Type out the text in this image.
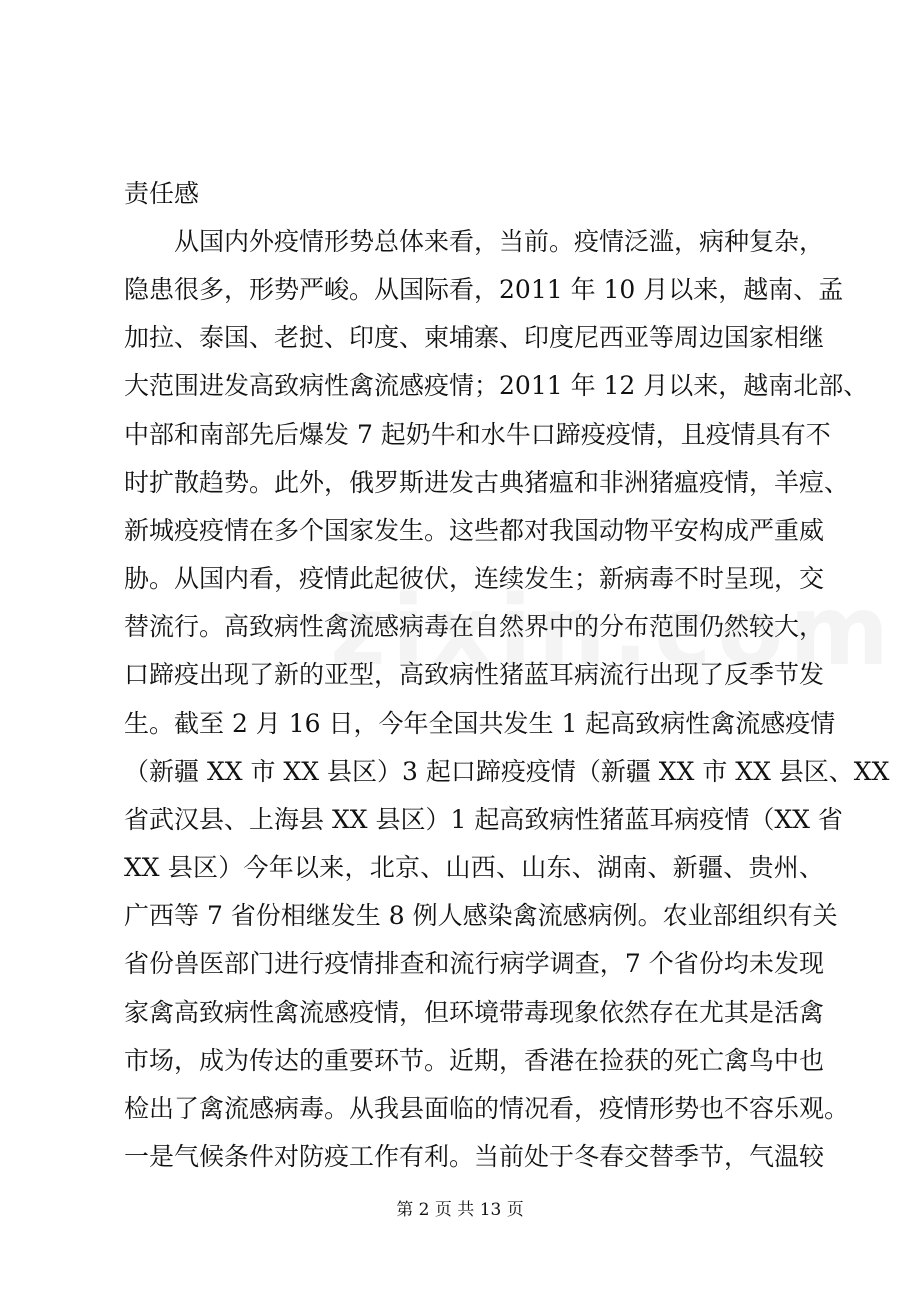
责任感
从国内外疫情形势总体来看，当前。疫情泛滥，病种复杂，
隐患很多，形势严峻。从国际看，2011 年 10 月以来，越南、孟
加拉、泰国、老挝、印度、柬埔寨、印度尼西亚等周边国家相继
大范围进发高致病性禽流感疫情；2011 年 12 月以来，越南北部、
中部和南部先后爆发 7 起奶牛和水牛口蹄疫疫情，且疫情具有不
时扩散趋势。此外，俄罗斯进发古典猪瘟和非洲猪瘟疫情，羊痘、
新城疫疫情在多个国家发生。这些都对我国动物平安构成严重威
胁。从国内看，疫情此起彼伏，连续发生；新病毒不时呈现，交
替流行。高致病性禽流感病毒在自然界中的分布范围仍然较大，
口蹄疫出现了新的亚型，高致病性猪蓝耳病流行出现了反季节发
生。截至 2 月 16 日，今年全国共发生 1 起高致病性禽流感疫情
（新疆 XX 市 XX 县区）3 起口蹄疫疫情（新疆 XX 市 XX 县区、XX
省武汉县、上海县 XX 县区）1 起高致病性猪蓝耳病疫情（XX 省
XX 县区）今年以来，北京、山西、山东、湖南、新疆、贵州、
广西等 7 省份相继发生 8 例人感染禽流感病例。农业部组织有关
省份兽医部门进行疫情排查和流行病学调查，7 个省份均未发现
家禽高致病性禽流感疫情，但环境带毒现象依然存在尤其是活禽
市场，成为传达的重要环节。近期，香港在捡获的死亡禽鸟中也
第 2 页 共 13 页
检出了禽流感病毒。从我县面临的情况看，疫情形势也不容乐观。
一是气候条件对防疫工作有利。当前处于冬春交替季节，气温较
